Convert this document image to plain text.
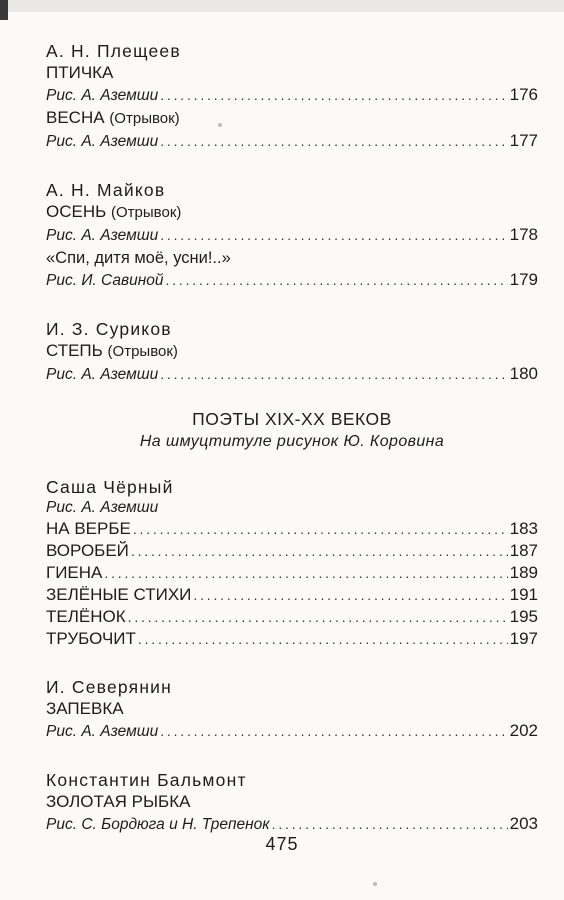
А. Н. Плещеев

ПТИЧКА

Рис. А. Аземши .....	176

ВЕСНА (Отрывок)

Рис. А. Аземши .....	177

А. Н. Майков

ОСЕНЬ (Отрывок)

Рис. А. Аземши .....	178

«Спи, дитя моё, усни!..»

Рис. И. Савиной .....	179

И. З. Суриков

СТЕПЬ (Отрывок)

Рис. А. Аземши .....	180
ПОЭТЫ XIX-XX ВЕКОВ
На шмуцтитуле рисунок Ю. Коровина

Саша Чёрный

Рис. А. Аземши

НА ВЕРБЕ .....	183
ВОРОБЕЙ .....	187
ГИЕНА .....	189
ЗЕЛЁНЫЕ СТИХИ .....	191
ТЕЛЁНОК .....	195
ТРУБОЧИТ .....	197

И. Северянин

ЗАПЕВКА

Рис. А. Аземши .....	202

Константин Бальмонт

ЗОЛОТАЯ РЫБКА

Рис. С. Бордюга и Н. Трепенок .....	203
475
